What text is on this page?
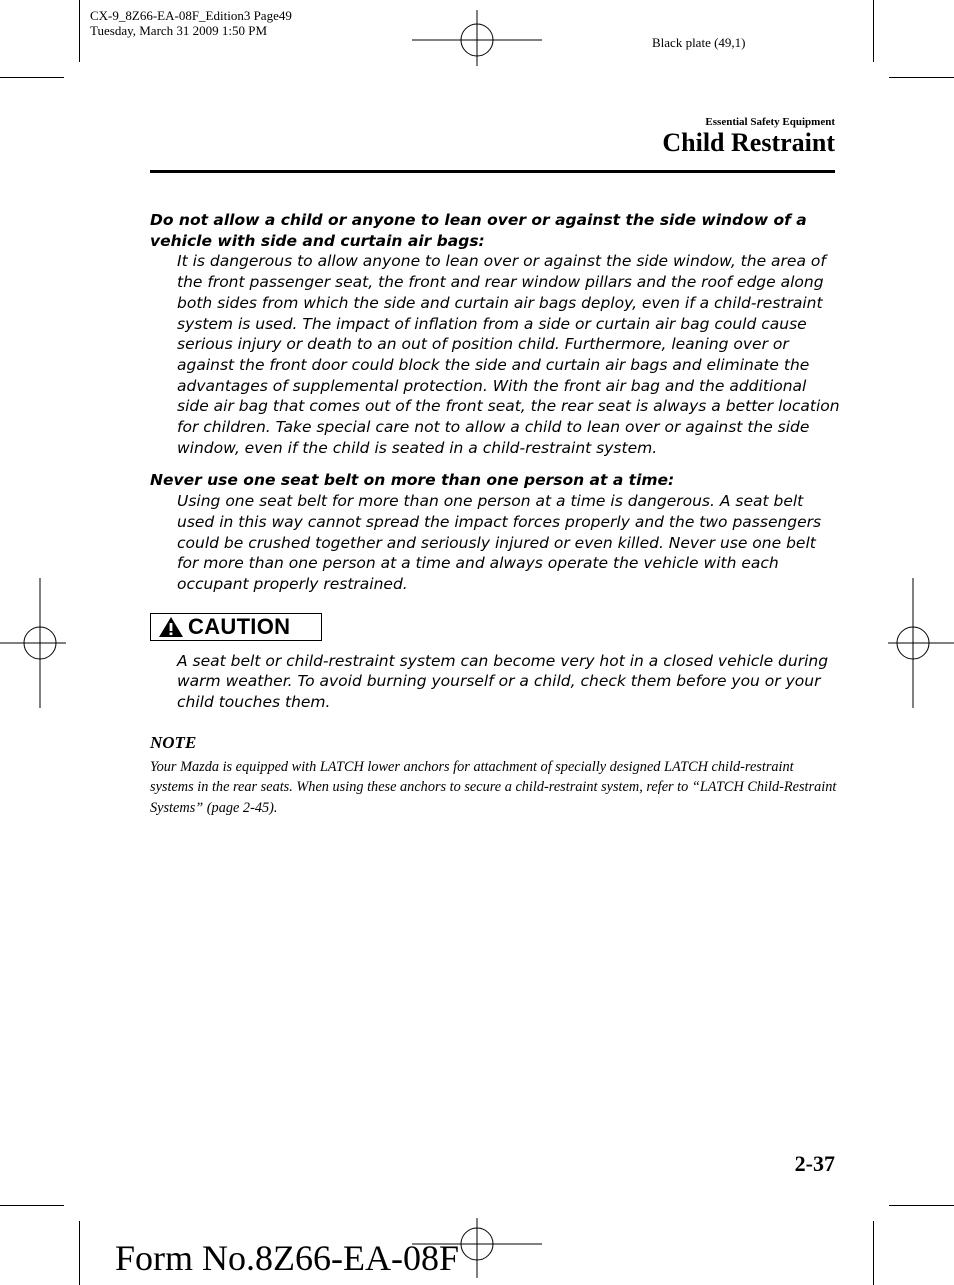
CX-9_8Z66-EA-08F_Edition3 Page49
Tuesday, March 31 2009 1:50 PM
Black plate (49,1)
Essential Safety Equipment
Child Restraint
Do not allow a child or anyone to lean over or against the side window of a vehicle with side and curtain air bags:
It is dangerous to allow anyone to lean over or against the side window, the area of the front passenger seat, the front and rear window pillars and the roof edge along both sides from which the side and curtain air bags deploy, even if a child-restraint system is used. The impact of inflation from a side or curtain air bag could cause serious injury or death to an out of position child. Furthermore, leaning over or against the front door could block the side and curtain air bags and eliminate the advantages of supplemental protection. With the front air bag and the additional side air bag that comes out of the front seat, the rear seat is always a better location for children. Take special care not to allow a child to lean over or against the side window, even if the child is seated in a child-restraint system.
Never use one seat belt on more than one person at a time:
Using one seat belt for more than one person at a time is dangerous. A seat belt used in this way cannot spread the impact forces properly and the two passengers could be crushed together and seriously injured or even killed. Never use one belt for more than one person at a time and always operate the vehicle with each occupant properly restrained.
CAUTION
A seat belt or child-restraint system can become very hot in a closed vehicle during warm weather. To avoid burning yourself or a child, check them before you or your child touches them.
NOTE
Your Mazda is equipped with LATCH lower anchors for attachment of specially designed LATCH child-restraint systems in the rear seats. When using these anchors to secure a child-restraint system, refer to “LATCH Child-Restraint Systems” (page 2-45).
2-37
Form No.8Z66-EA-08F
